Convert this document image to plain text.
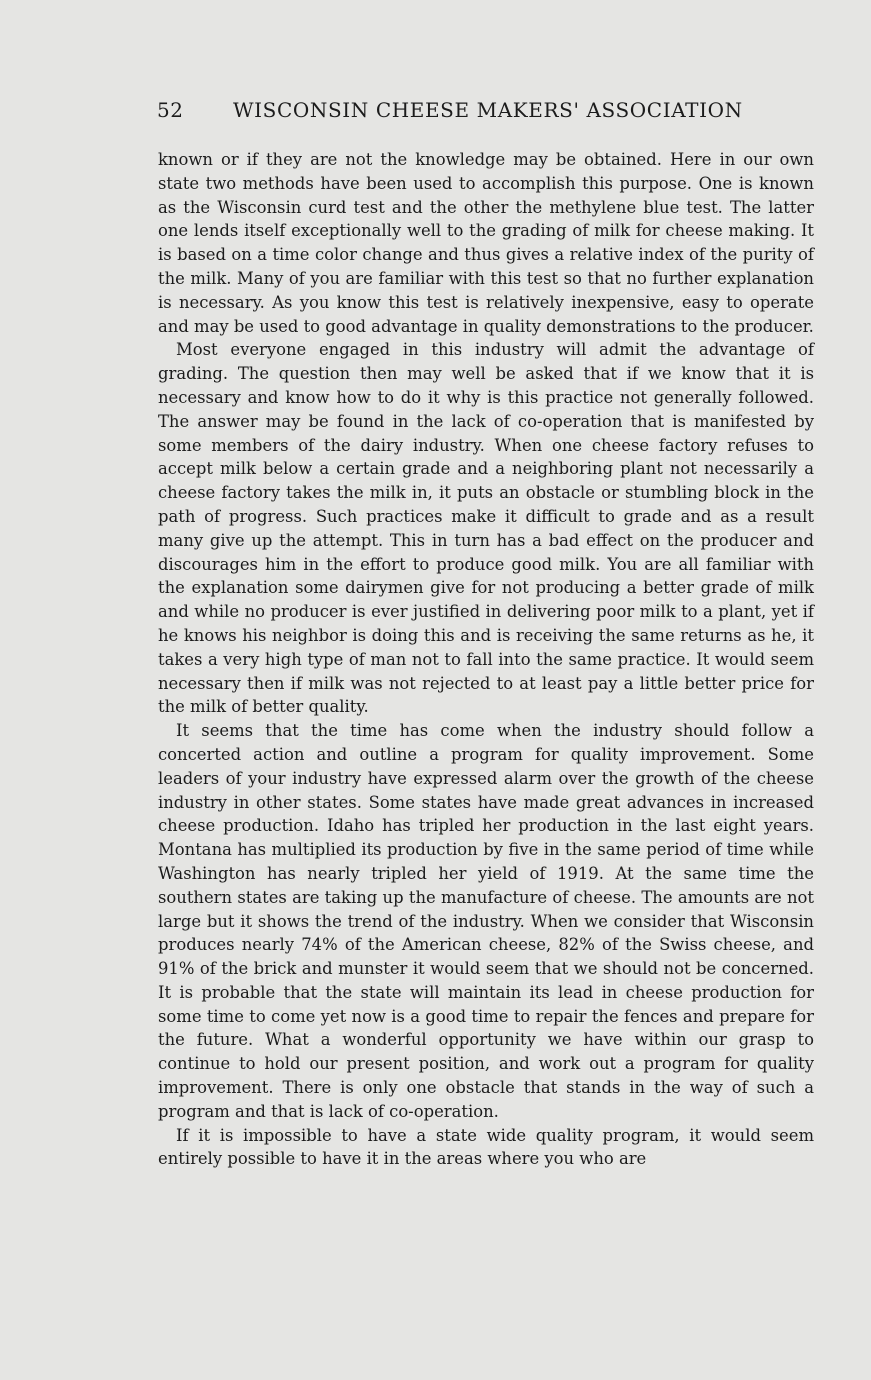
52 WISCONSIN CHEESE MAKERS' ASSOCIATION

known or if they are not the knowledge may be obtained. Here in our own state two methods have been used to accomplish this purpose. One is known as the Wisconsin curd test and the other the methylene blue test. The latter one lends itself exceptionally well to the grading of milk for cheese making. It is based on a time color change and thus gives a relative index of the purity of the milk. Many of you are familiar with this test so that no further explanation is necessary. As you know this test is relatively inexpensive, easy to operate and may be used to good advantage in quality demonstrations to the producer.

Most everyone engaged in this industry will admit the advantage of grading. The question then may well be asked that if we know that it is necessary and know how to do it why is this practice not generally followed. The answer may be found in the lack of co-operation that is manifested by some members of the dairy industry. When one cheese factory refuses to accept milk below a certain grade and a neighboring plant not necessarily a cheese factory takes the milk in, it puts an obstacle or stumbling block in the path of progress. Such practices make it difficult to grade and as a result many give up the attempt. This in turn has a bad effect on the producer and discourages him in the effort to produce good milk. You are all familiar with the explanation some dairymen give for not producing a better grade of milk and while no producer is ever justified in delivering poor milk to a plant, yet if he knows his neighbor is doing this and is receiving the same returns as he, it takes a very high type of man not to fall into the same practice. It would seem necessary then if milk was not rejected to at least pay a little better price for the milk of better quality.

It seems that the time has come when the industry should follow a concerted action and outline a program for quality improvement. Some leaders of your industry have expressed alarm over the growth of the cheese industry in other states. Some states have made great advances in increased cheese production. Idaho has tripled her production in the last eight years. Montana has multiplied its production by five in the same period of time while Washington has nearly tripled her yield of 1919. At the same time the southern states are taking up the manufacture of cheese. The amounts are not large but it shows the trend of the industry. When we consider that Wisconsin produces nearly 74% of the American cheese, 82% of the Swiss cheese, and 91% of the brick and munster it would seem that we should not be concerned. It is probable that the state will maintain its lead in cheese production for some time to come yet now is a good time to repair the fences and prepare for the future. What a wonderful opportunity we have within our grasp to continue to hold our present position, and work out a program for quality improvement. There is only one obstacle that stands in the way of such a program and that is lack of co-operation.

If it is impossible to have a state wide quality program, it would seem entirely possible to have it in the areas where you who are
